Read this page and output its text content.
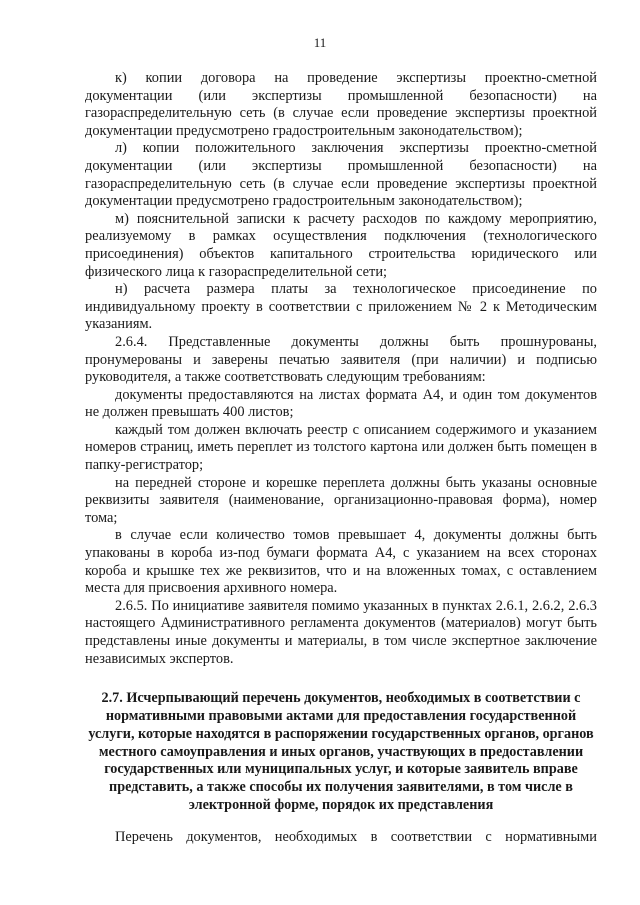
11

к) копии договора на проведение экспертизы проектно-сметной документации (или экспертизы промышленной безопасности) на газораспределительную сеть (в случае если проведение экспертизы проектной документации предусмотрено градостроительным законодательством);

л) копии положительного заключения экспертизы проектно-сметной документации (или экспертизы промышленной безопасности) на газораспределительную сеть (в случае если проведение экспертизы проектной документации предусмотрено градостроительным законодательством);

м) пояснительной записки к расчету расходов по каждому мероприятию, реализуемому в рамках осуществления подключения (технологического присоединения) объектов капитального строительства юридического или физического лица к газораспределительной сети;

н) расчета размера платы за технологическое присоединение по индивидуальному проекту в соответствии с приложением № 2 к Методическим указаниям.

2.6.4. Представленные документы должны быть прошнурованы, пронумерованы и заверены печатью заявителя (при наличии) и подписью руководителя, а также соответствовать следующим требованиям:

документы предоставляются на листах формата А4, и один том документов не должен превышать 400 листов;

каждый том должен включать реестр с описанием содержимого и указанием номеров страниц, иметь переплет из толстого картона или должен быть помещен в папку-регистратор;

на передней стороне и корешке переплета должны быть указаны основные реквизиты заявителя (наименование, организационно-правовая форма), номер тома;

в случае если количество томов превышает 4, документы должны быть упакованы в короба из-под бумаги формата А4, с указанием на всех сторонах короба и крышке тех же реквизитов, что и на вложенных томах, с оставлением места для присвоения архивного номера.

2.6.5. По инициативе заявителя помимо указанных в пунктах 2.6.1, 2.6.2, 2.6.3 настоящего Административного регламента документов (материалов) могут быть представлены иные документы и материалы, в том числе экспертное заключение независимых экспертов.

2.7. Исчерпывающий перечень документов, необходимых в соответствии с нормативными правовыми актами для предоставления государственной услуги, которые находятся в распоряжении государственных органов, органов местного самоуправления и иных органов, участвующих в предоставлении государственных или муниципальных услуг, и которые заявитель вправе представить, а также способы их получения заявителями, в том числе в электронной форме, порядок их представления

Перечень документов, необходимых в соответствии с нормативными
